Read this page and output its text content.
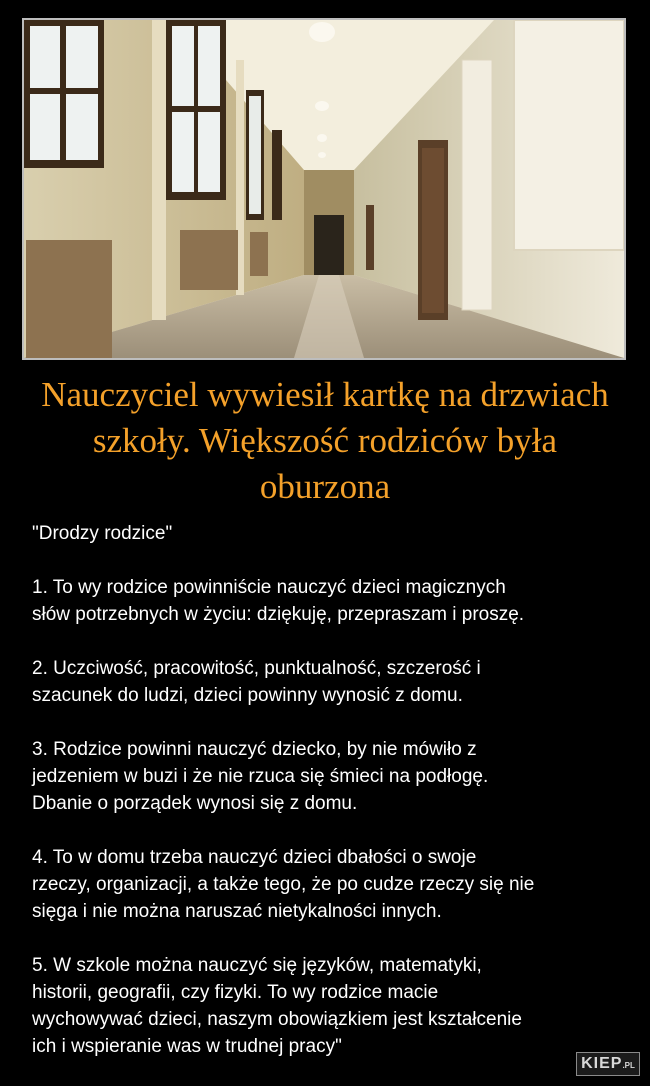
Nauczyciel wywiesił kartkę na drzwiach
szkoły. Większość rodziców była
oburzona

"Drodzy rodzice"

1. To wy rodzice powinniście nauczyć dzieci magicznych
słów potrzebnych w życiu: dziękuję, przepraszam i proszę.

2. Uczciwość, pracowitość, punktualność, szczerość i
szacunek do ludzi, dzieci powinny wynosić z domu.

3. Rodzice powinni nauczyć dziecko, by nie mówiło z
jedzeniem w buzi i że nie rzuca się śmieci na podłogę.
Dbanie o porządek wynosi się z domu.

4. To w domu trzeba nauczyć dzieci dbałości o swoje
rzeczy, organizacji, a także tego, że po cudze rzeczy się nie
sięga i nie można naruszać nietykalności innych.

5. W szkole można nauczyć się języków, matematyki,
historii, geografii, czy fizyki. To wy rodzice macie
wychowywać dzieci, naszym obowiązkiem jest kształcenie
ich i wspieranie was w trudnej pracy"

KIEP.PL
